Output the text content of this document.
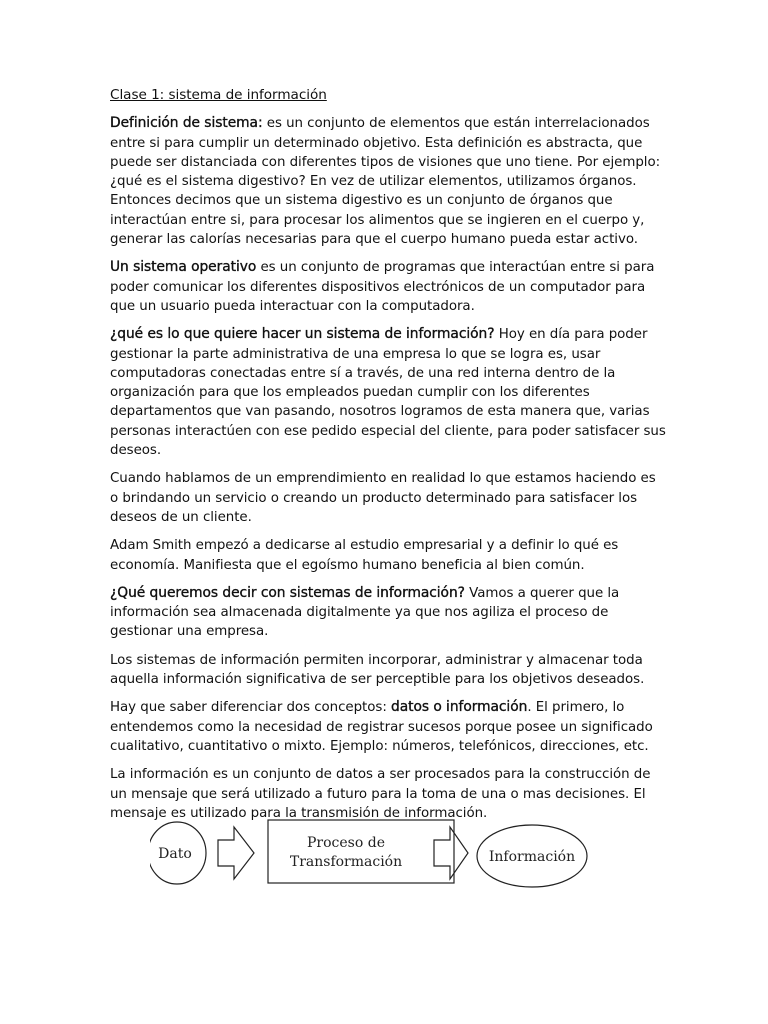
Clase 1: sistema de información

Definición de sistema: es un conjunto de elementos que están interrelacionados entre si para cumplir un determinado objetivo. Esta definición es abstracta, que puede ser distanciada con diferentes tipos de visiones que uno tiene. Por ejemplo: ¿qué es el sistema digestivo? En vez de utilizar elementos, utilizamos órganos. Entonces decimos que un sistema digestivo es un conjunto de órganos que interactúan entre si, para procesar los alimentos que se ingieren en el cuerpo y, generar las calorías necesarias para que el cuerpo humano pueda estar activo.

Un sistema operativo es un conjunto de programas que interactúan entre si para poder comunicar los diferentes dispositivos electrónicos de un computador para que un usuario pueda interactuar con la computadora.

¿qué es lo que quiere hacer un sistema de información? Hoy en día para poder gestionar la parte administrativa de una empresa lo que se logra es, usar computadoras conectadas entre sí a través, de una red interna dentro de la organización para que los empleados puedan cumplir con los diferentes departamentos que van pasando, nosotros logramos de esta manera que, varias personas interactúen con ese pedido especial del cliente, para poder satisfacer sus deseos.

Cuando hablamos de un emprendimiento en realidad lo que estamos haciendo es o brindando un servicio o creando un producto determinado para satisfacer los deseos de un cliente.

Adam Smith empezó a dedicarse al estudio empresarial y a definir lo qué es economía. Manifiesta que el egoísmo humano beneficia al bien común.

¿Qué queremos decir con sistemas de información? Vamos a querer que la información sea almacenada digitalmente ya que nos agiliza el proceso de gestionar una empresa.

Los sistemas de información permiten incorporar, administrar y almacenar toda aquella información significativa de ser perceptible para los objetivos deseados.

Hay que saber diferenciar dos conceptos: datos o información. El primero, lo entendemos como la necesidad de registrar sucesos porque posee un significado cualitativo, cuantitativo o mixto. Ejemplo: números, telefónicos, direcciones, etc.

La información es un conjunto de datos a ser procesados para la construcción de un mensaje que será utilizado a futuro para la toma de una o mas decisiones. El mensaje es utilizado para la transmisión de información.

Dato
Proceso de
Transformación	Información
